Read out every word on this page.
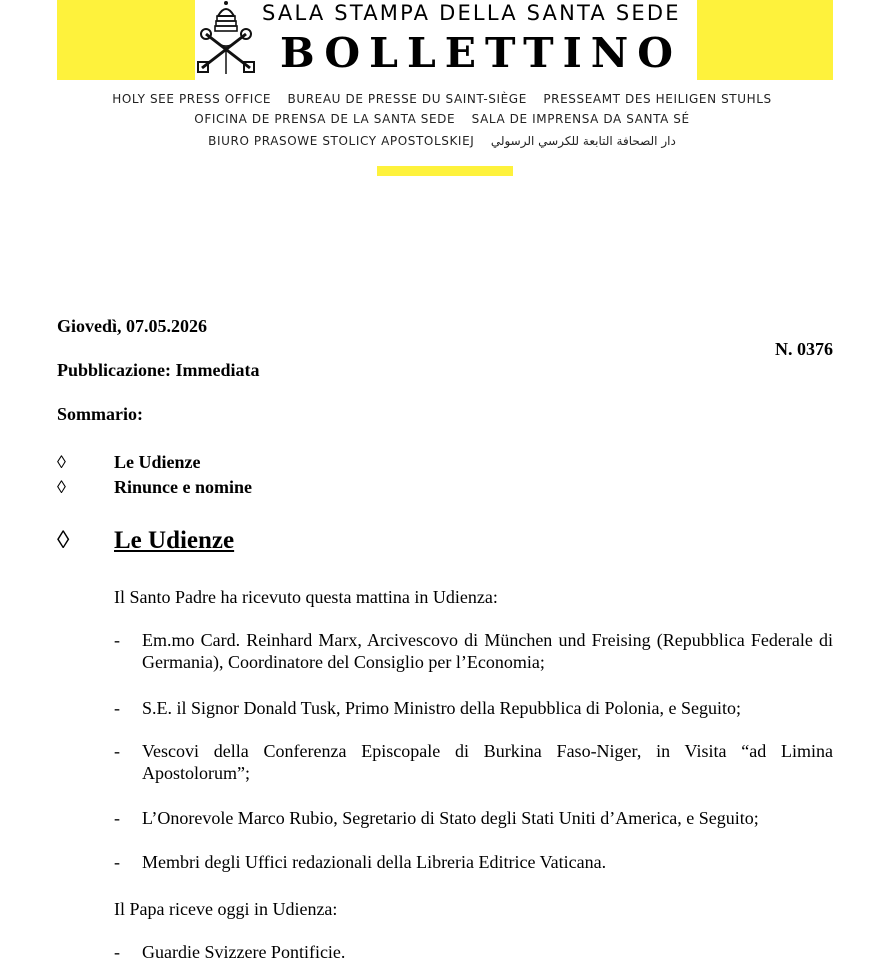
SALA STAMPA DELLA SANTA SEDE
BOLLETTINO
HOLY SEE PRESS OFFICE BUREAU DE PRESSE DU SAINT-SIÈGE PRESSEAMT DES HEILIGEN STUHLS
OFICINA DE PRENSA DE LA SANTA SEDE SALA DE IMPRENSA DA SANTA SÉ
BIURO PRASOWE STOLICY APOSTOLSKIEJ دار الصحافة التابعة للكرسي الرسولي
Giovedì, 07.05.2026
N. 0376
Pubblicazione: Immediata
Sommario:
◊	Le Udienze
◊	Rinunce e nomine
◊ Le Udienze
Il Santo Padre ha ricevuto questa mattina in Udienza:
- Em.mo Card. Reinhard Marx, Arcivescovo di München und Freising (Repubblica Federale di Germania), Coordinatore del Consiglio per l’Economia;
- S.E. il Signor Donald Tusk, Primo Ministro della Repubblica di Polonia, e Seguito;
- Vescovi della Conferenza Episcopale di Burkina Faso-Niger, in Visita “ad Limina Apostolorum”;
- L’Onorevole Marco Rubio, Segretario di Stato degli Stati Uniti d’America, e Seguito;
- Membri degli Uffici redazionali della Libreria Editrice Vaticana.
Il Papa riceve oggi in Udienza:
- Guardie Svizzere Pontificie.
